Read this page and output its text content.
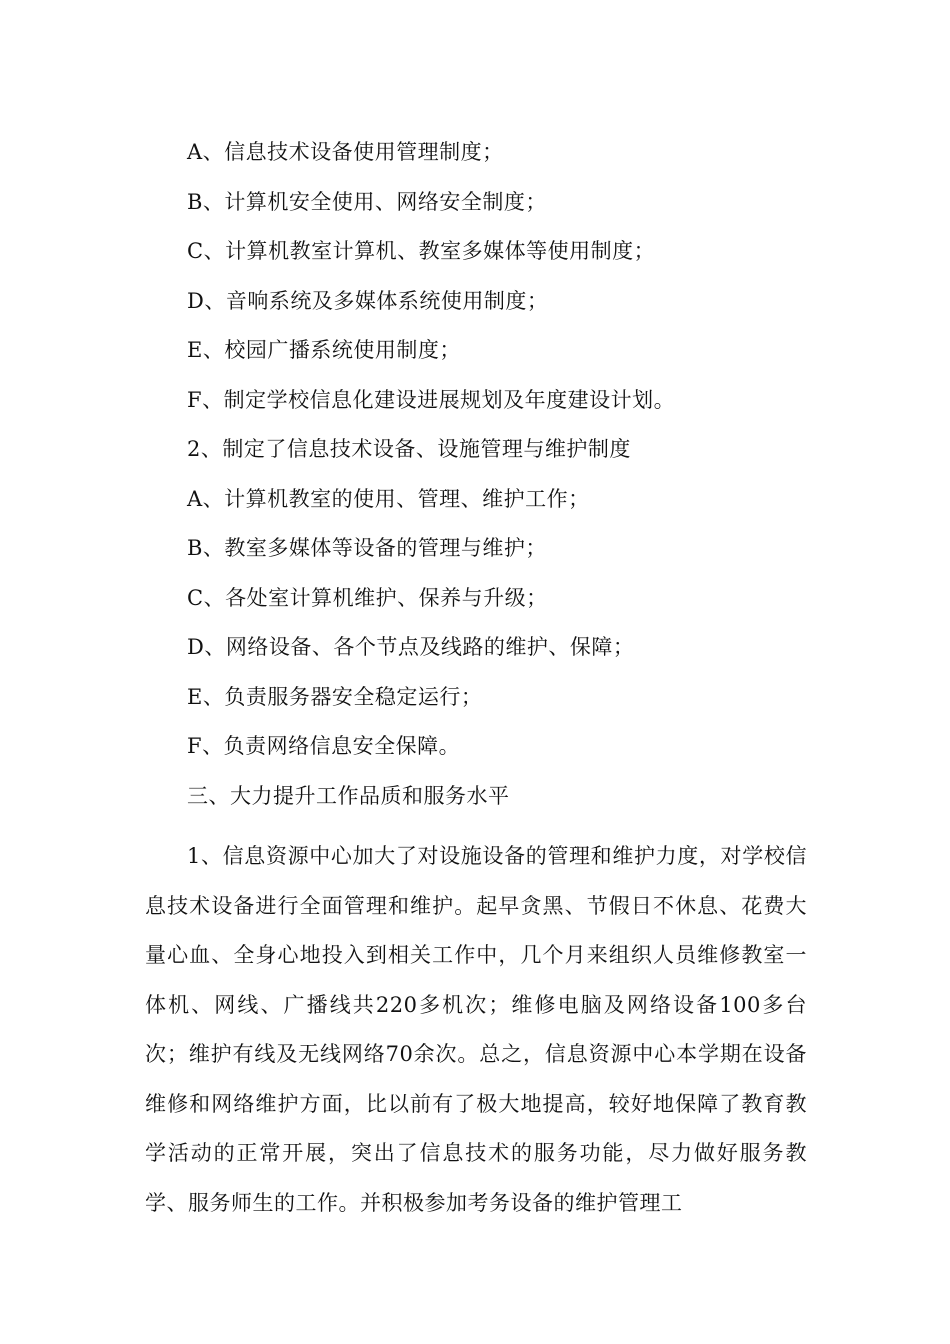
A、信息技术设备使用管理制度；
B、计算机安全使用、网络安全制度；
C、计算机教室计算机、教室多媒体等使用制度；
D、音响系统及多媒体系统使用制度；
E、校园广播系统使用制度；
F、制定学校信息化建设进展规划及年度建设计划。
2、制定了信息技术设备、设施管理与维护制度
A、计算机教室的使用、管理、维护工作；
B、教室多媒体等设备的管理与维护；
C、各处室计算机维护、保养与升级；
D、网络设备、各个节点及线路的维护、保障；
E、负责服务器安全稳定运行；
F、负责网络信息安全保障。
三、大力提升工作品质和服务水平
1、信息资源中心加大了对设施设备的管理和维护力度，对学校信息技术设备进行全面管理和维护。起早贪黑、节假日不休息、花费大量心血、全身心地投入到相关工作中，几个月来组织人员维修教室一体机、网线、广播线共220多机次；维修电脑及网络设备100多台次；维护有线及无线网络70余次。总之，信息资源中心本学期在设备维修和网络维护方面，比以前有了极大地提高，较好地保障了教育教学活动的正常开展，突出了信息技术的服务功能，尽力做好服务教学、服务师生的工作。并积极参加考务设备的维护管理工
